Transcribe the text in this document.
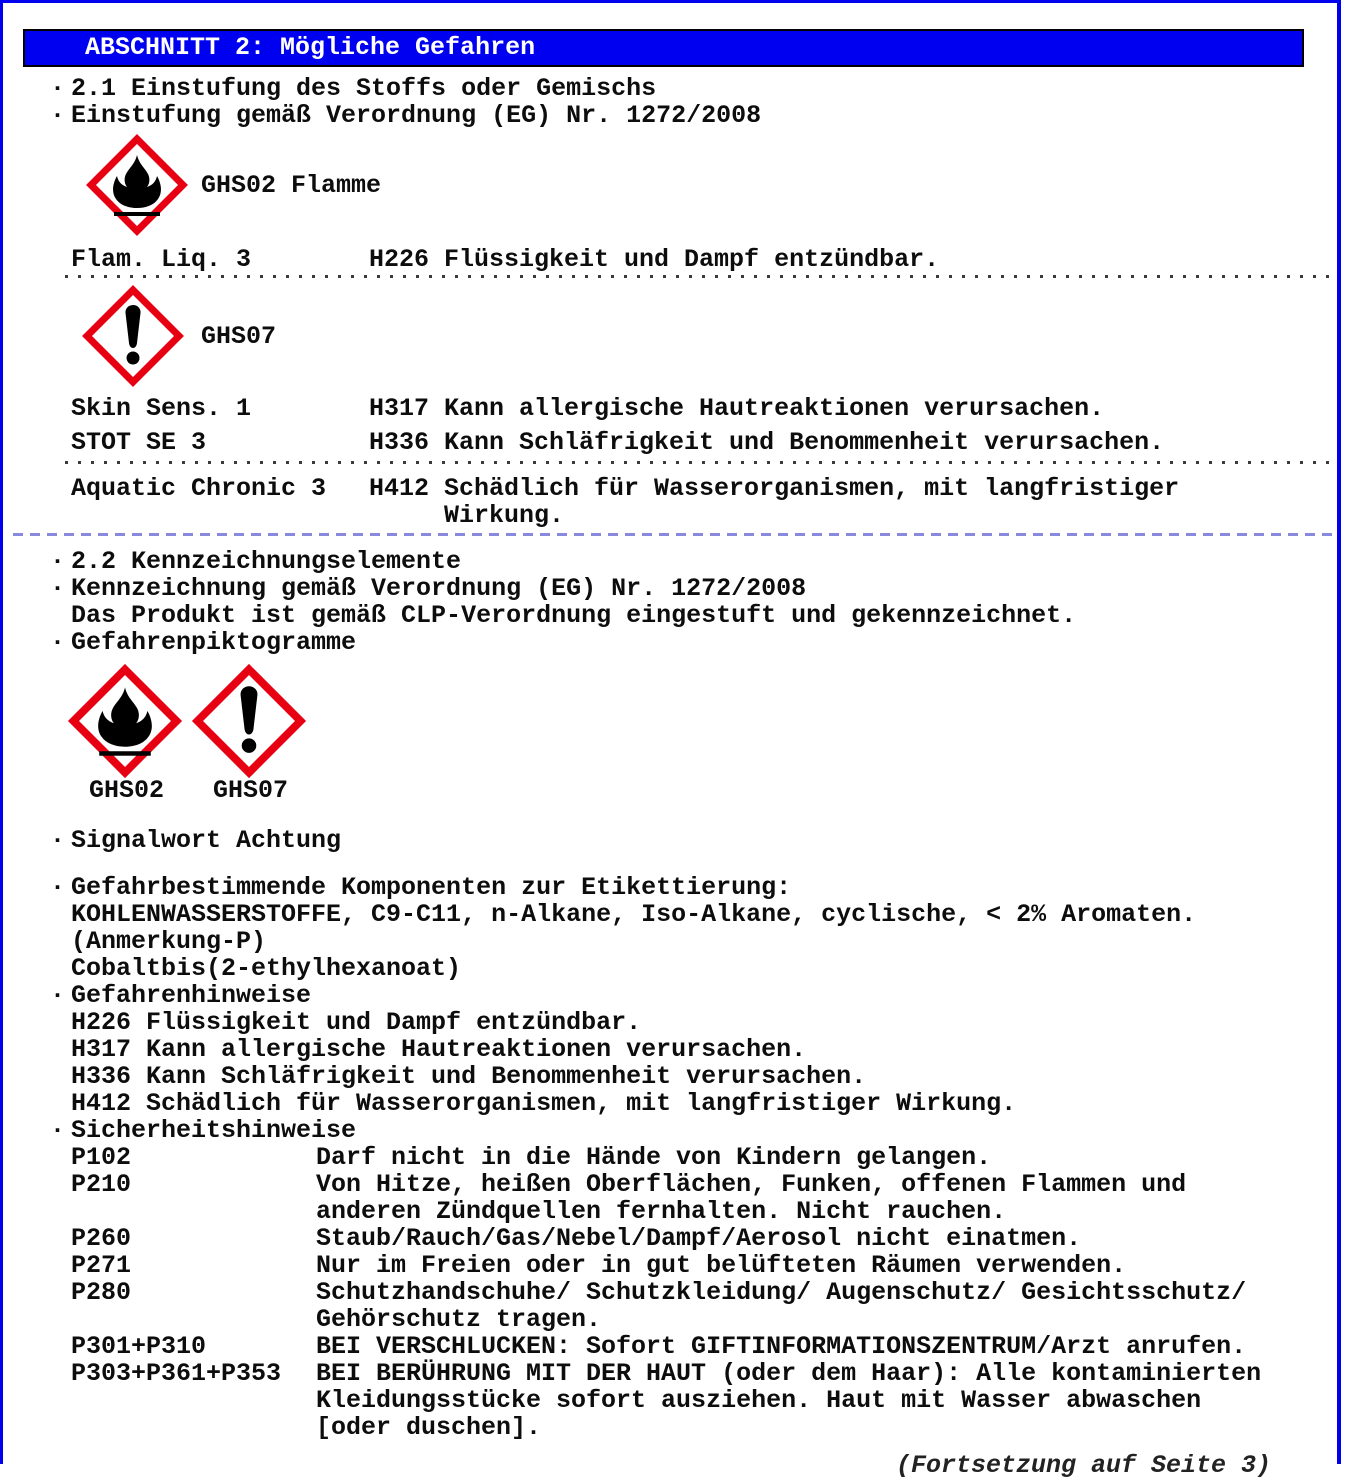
ABSCHNITT 2: Mögliche Gefahren
· 2.1 Einstufung des Stoffs oder Gemischs
· Einstufung gemäß Verordnung (EG) Nr. 1272/2008
GHS02 Flamme
Flam. Liq. 3	H226 Flüssigkeit und Dampf entzündbar.
GHS07
Skin Sens. 1	H317 Kann allergische Hautreaktionen verursachen.
STOT SE 3	H336 Kann Schläfrigkeit und Benommenheit verursachen.
Aquatic Chronic 3 H412 Schädlich für Wasserorganismen, mit langfristiger
Wirkung.
· 2.2 Kennzeichnungselemente
· Kennzeichnung gemäß Verordnung (EG) Nr. 1272/2008
Das Produkt ist gemäß CLP-Verordnung eingestuft und gekennzeichnet.
· Gefahrenpiktogramme
GHS02 GHS07
· Signalwort Achtung
· Gefahrbestimmende Komponenten zur Etikettierung:
KOHLENWASSERSTOFFE, C9-C11, n-Alkane, Iso-Alkane, cyclische, < 2% Aromaten.
(Anmerkung-P)
Cobaltbis(2-ethylhexanoat)
· Gefahrenhinweise
H226 Flüssigkeit und Dampf entzündbar.
H317 Kann allergische Hautreaktionen verursachen.
H336 Kann Schläfrigkeit und Benommenheit verursachen.
H412 Schädlich für Wasserorganismen, mit langfristiger Wirkung.
· Sicherheitshinweise
P102	Darf nicht in die Hände von Kindern gelangen.
P210	Von Hitze, heißen Oberflächen, Funken, offenen Flammen und
anderen Zündquellen fernhalten. Nicht rauchen.
P260	Staub/Rauch/Gas/Nebel/Dampf/Aerosol nicht einatmen.
P271	Nur im Freien oder in gut belüfteten Räumen verwenden.
P280	Schutzhandschuhe/ Schutzkleidung/ Augenschutz/ Gesichtsschutz/
Gehörschutz tragen.
P301+P310	BEI VERSCHLUCKEN: Sofort GIFTINFORMATIONSZENTRUM/Arzt anrufen.
P303+P361+P353 BEI BERÜHRUNG MIT DER HAUT (oder dem Haar): Alle kontaminierten
Kleidungsstücke sofort ausziehen. Haut mit Wasser abwaschen
[oder duschen].
(Fortsetzung auf Seite 3)
